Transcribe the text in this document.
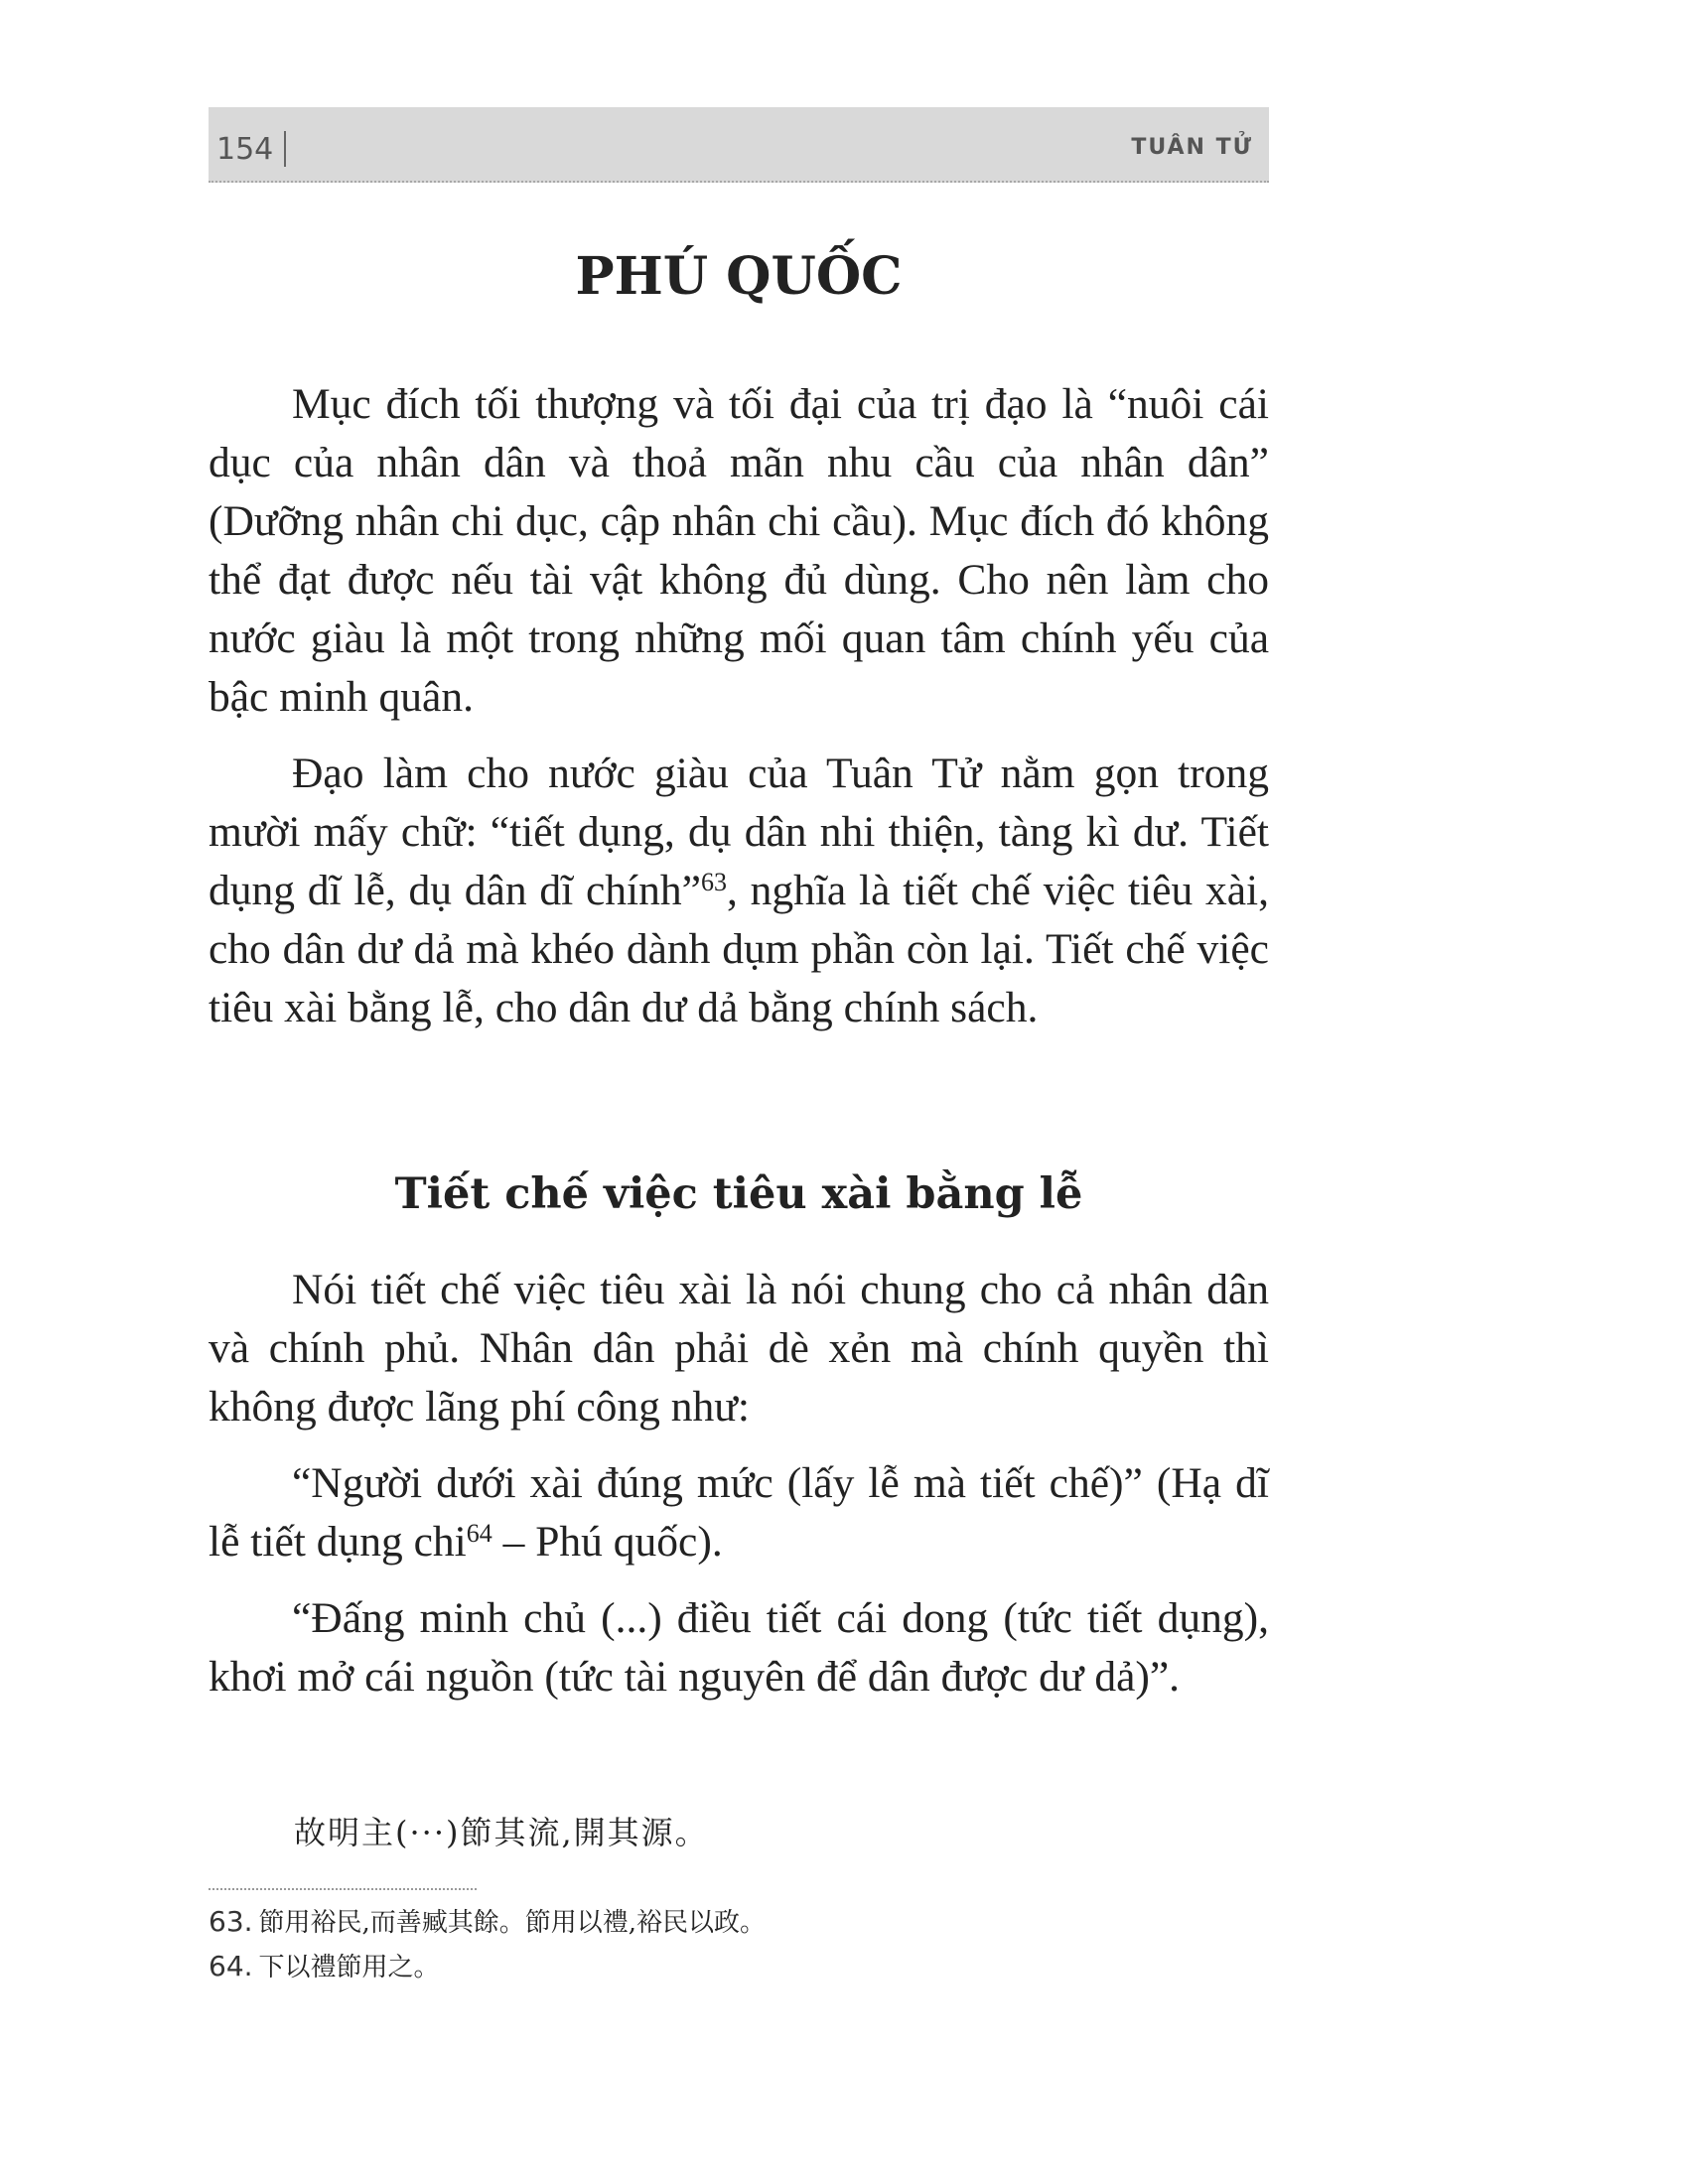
154	TUÂN TỬ
PHÚ QUỐC

Mục đích tối thượng và tối đại của trị đạo là “nuôi cái dục của nhân dân và thoả mãn nhu cầu của nhân dân” (Dưỡng nhân chi dục, cập nhân chi cầu). Mục đích đó không thể đạt được nếu tài vật không đủ dùng. Cho nên làm cho nước giàu là một trong những mối quan tâm chính yếu của bậc minh quân.

Đạo làm cho nước giàu của Tuân Tử nằm gọn trong mười mấy chữ: “tiết dụng, dụ dân nhi thiện, tàng kì dư. Tiết dụng dĩ lễ, dụ dân dĩ chính”$^{63}$, nghĩa là tiết chế việc tiêu xài, cho dân dư dả mà khéo dành dụm phần còn lại. Tiết chế việc tiêu xài bằng lễ, cho dân dư dả bằng chính sách.

Tiết chế việc tiêu xài bằng lễ

Nói tiết chế việc tiêu xài là nói chung cho cả nhân dân và chính phủ. Nhân dân phải dè xẻn mà chính quyền thì không được lãng phí công như:

“Người dưới xài đúng mức (lấy lễ mà tiết chế)” (Hạ dĩ lễ tiết dụng chi$^{64}$ – Phú quốc).

“Đấng minh chủ (...) điều tiết cái dong (tức tiết dụng), khơi mở cái nguồn (tức tài nguyên để dân được dư dả)”.

故明主(···)節其流,開其源。

63. 節用裕民,而善臧其餘。節用以禮,裕民以政。

64. 下以禮節用之。
